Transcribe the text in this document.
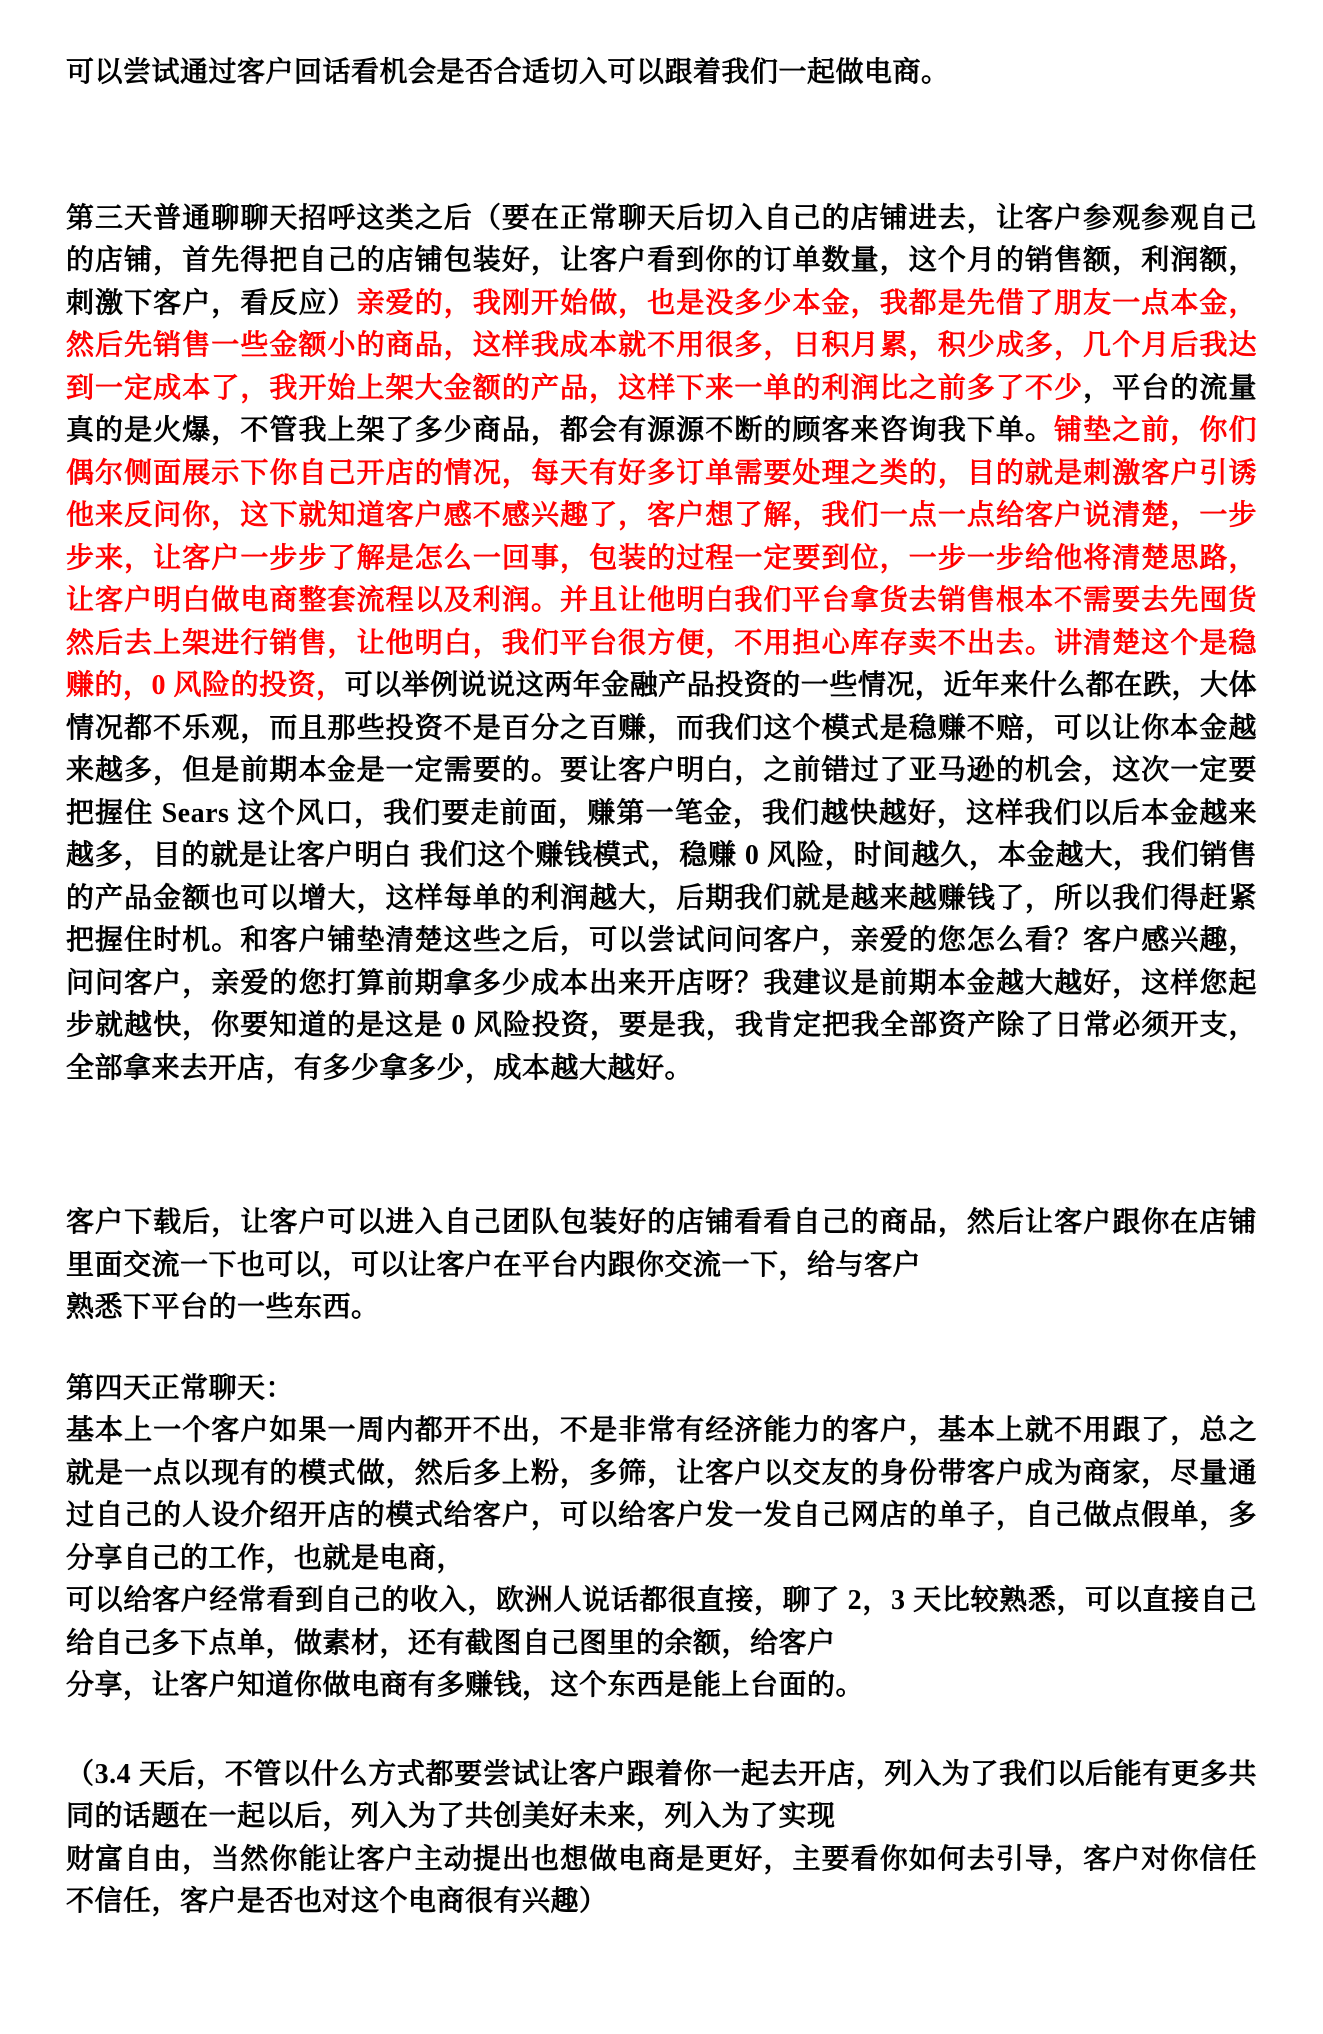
可以尝试通过客户回话看机会是否合适切入可以跟着我们一起做电商。

第三天普通聊聊天招呼这类之后（要在正常聊天后切入自己的店铺进去，让客户参观参观自己的店铺，首先得把自己的店铺包装好，让客户看到你的订单数量，这个月的销售额，利润额，刺激下客户，看反应）亲爱的，我刚开始做，也是没多少本金，我都是先借了朋友一点本金，然后先销售一些金额小的商品，这样我成本就不用很多，日积月累，积少成多，几个月后我达到一定成本了，我开始上架大金额的产品，这样下来一单的利润比之前多了不少，平台的流量真的是火爆，不管我上架了多少商品，都会有源源不断的顾客来咨询我下单。铺垫之前，你们偶尔侧面展示下你自己开店的情况，每天有好多订单需要处理之类的，目的就是刺激客户引诱他来反问你，这下就知道客户感不感兴趣了，客户想了解，我们一点一点给客户说清楚，一步步来，让客户一步步了解是怎么一回事，包装的过程一定要到位，一步一步给他将清楚思路，让客户明白做电商整套流程以及利润。并且让他明白我们平台拿货去销售根本不需要去先囤货然后去上架进行销售，让他明白，我们平台很方便，不用担心库存卖不出去。讲清楚这个是稳赚的，0 风险的投资，可以举例说说这两年金融产品投资的一些情况，近年来什么都在跌，大体情况都不乐观，而且那些投资不是百分之百赚，而我们这个模式是稳赚不赔，可以让你本金越来越多，但是前期本金是一定需要的。要让客户明白，之前错过了亚马逊的机会，这次一定要把握住 Sears 这个风口，我们要走前面，赚第一笔金，我们越快越好，这样我们以后本金越来越多，目的就是让客户明白 我们这个赚钱模式，稳赚 0 风险，时间越久，本金越大，我们销售的产品金额也可以增大，这样每单的利润越大，后期我们就是越来越赚钱了，所以我们得赶紧把握住时机。和客户铺垫清楚这些之后，可以尝试问问客户，亲爱的您怎么看？客户感兴趣，问问客户，亲爱的您打算前期拿多少成本出来开店呀？我建议是前期本金越大越好，这样您起步就越快，你要知道的是这是 0 风险投资，要是我，我肯定把我全部资产除了日常必须开支，全部拿来去开店，有多少拿多少，成本越大越好。

客户下载后，让客户可以进入自己团队包装好的店铺看看自己的商品，然后让客户跟你在店铺里面交流一下也可以，可以让客户在平台内跟你交流一下，给与客户
熟悉下平台的一些东西。
第四天正常聊天：
基本上一个客户如果一周内都开不出，不是非常有经济能力的客户，基本上就不用跟了，总之就是一点以现有的模式做，然后多上粉，多筛，让客户以交友的身份带客户成为商家，尽量通过自己的人设介绍开店的模式给客户，可以给客户发一发自己网店的单子，自己做点假单，多分享自己的工作，也就是电商，
可以给客户经常看到自己的收入，欧洲人说话都很直接，聊了 2，3 天比较熟悉，可以直接自己给自己多下点单，做素材，还有截图自己图里的余额，给客户
分享，让客户知道你做电商有多赚钱，这个东西是能上台面的。
（3.4 天后，不管以什么方式都要尝试让客户跟着你一起去开店，列入为了我们以后能有更多共同的话题在一起以后，列入为了共创美好未来，列入为了实现
财富自由，当然你能让客户主动提出也想做电商是更好，主要看你如何去引导，客户对你信任不信任，客户是否也对这个电商很有兴趣）
